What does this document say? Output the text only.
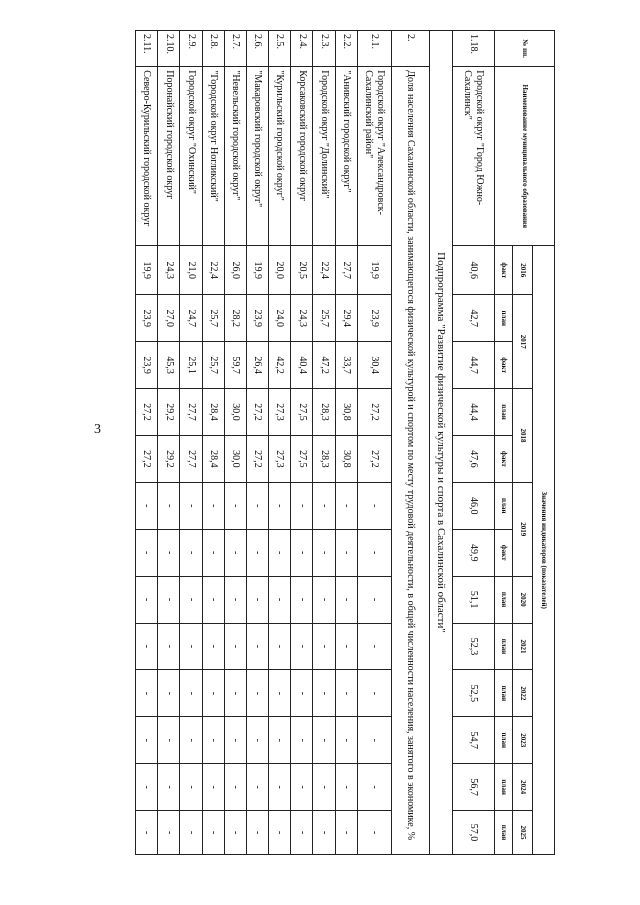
3
№ пп.	Наименование муниципального образования	Значения индикаторов (показателей)												
		2016	2017		2018		2019		2020	2021	2022	2023	2024	2025
		факт	план	факт	план	факт	план	факт	план	план	план	план	план	план
1.18.	Городской округ "Город Южно-Сахалинск"	40,6	42,7	44,7	44,4	47,6	46,0	49,9	51,1	52,3	52,5	54,7	56,7	57,0
Подпрограмма "Развитие физической культуры и спорта в Сахалинской области"														
2.	Доля населения Сахалинской области, занимающегося физической культурой и спортом по месту трудовой деятельности, в общей численности населения, занятого в экономике, %													
2.1.	Городской округ "Александровск-Сахалинский район"	19,9	23,9	30,4	27,2	27,2	-	-	-	-	-	-	-	-
2.2.	"Анивский городской округ"	27,7	29,4	33,7	30,8	30,8	-	-	-	-	-	-	-	-
2.3.	Городской округ "Долинский"	22,4	25,7	47,2	28,3	28,3	-	-	-	-	-	-	-	-
2.4.	Корсаковский городской округ	20,5	24,3	40,4	27,5	27,5	-	-	-	-	-	-	-	-
2.5.	"Курильский городской округ"	20,0	24,0	42,2	27,3	27,3	-	-	-	-	-	-	-	-
2.6.	"Макаровский городской округ"	19,9	23,9	26,4	27,2	27,2	-	-	-	-	-	-	-	-
2.7.	"Невельский городской округ"	26,0	28,2	59,7	30,0	30,0	-	-	-	-	-	-	-	-
2.8.	"Городской округ Ногликский"	22,4	25,7	25,7	28,4	28,4	-	-	-	-	-	-	-	-
2.9.	Городской округ "Охинский"	21,0	24,7	25,1	27,7	27,7	-	-	-	-	-	-	-	-
2.10.	Поронайский городской округ	24,3	27,0	45,3	29,2	29,2	-	-	-	-	-	-	-	-
2.11.	Северо-Курильский городской округ	19,9	23,9	23,9	27,2	27,2	-	-	-	-	-	-	-	-
